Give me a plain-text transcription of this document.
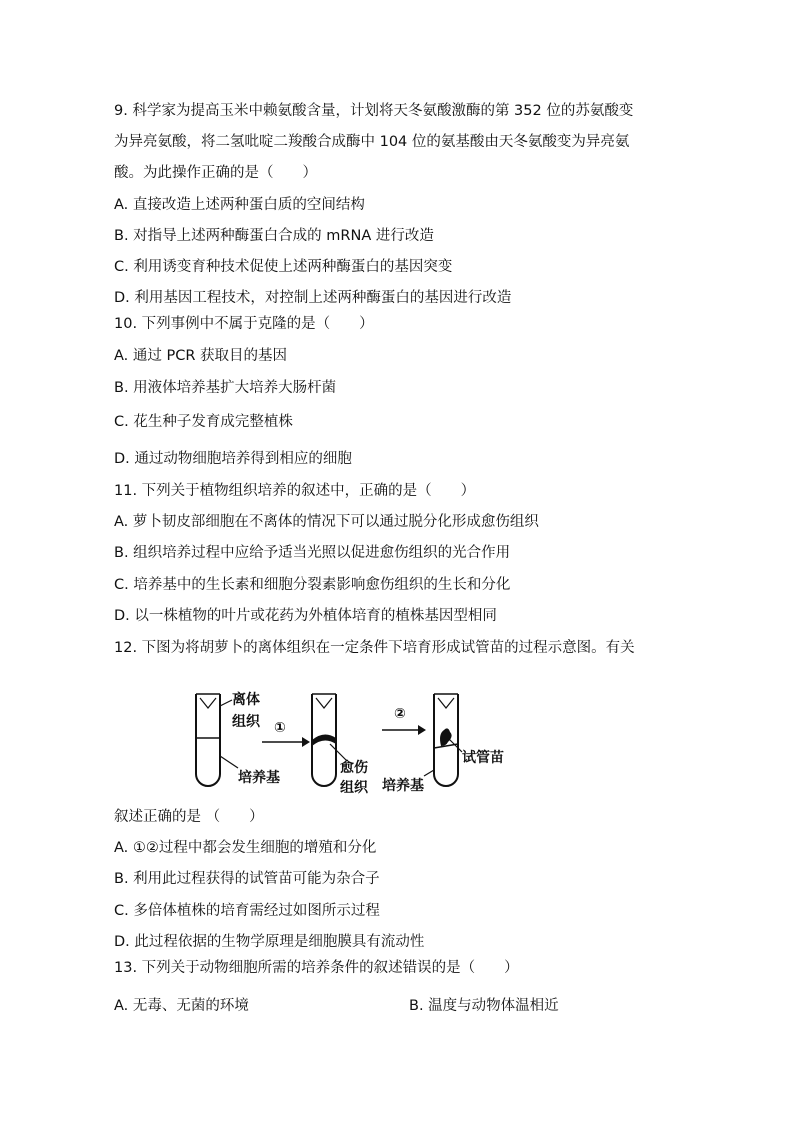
9. 科学家为提高玉米中赖氨酸含量，计划将天冬氨酸激酶的第 352 位的苏氨酸变
为异亮氨酸，将二氢吡啶二羧酸合成酶中 104 位的氨基酸由天冬氨酸变为异亮氨
酸。为此操作正确的是（　　）
A. 直接改造上述两种蛋白质的空间结构
B. 对指导上述两种酶蛋白合成的 mRNA 进行改造
C. 利用诱变育种技术促使上述两种酶蛋白的基因突变
D. 利用基因工程技术，对控制上述两种酶蛋白的基因进行改造
10. 下列事例中不属于克隆的是（　　）
A. 通过 PCR 获取目的基因
B. 用液体培养基扩大培养大肠杆菌
C. 花生种子发育成完整植株
D. 通过动物细胞培养得到相应的细胞
11. 下列关于植物组织培养的叙述中，正确的是（　　）
A. 萝卜韧皮部细胞在不离体的情况下可以通过脱分化形成愈伤组织
B. 组织培养过程中应给予适当光照以促进愈伤组织的光合作用
C. 培养基中的生长素和细胞分裂素影响愈伤组织的生长和分化
D. 以一株植物的叶片或花药为外植体培育的植株基因型相同
12. 下图为将胡萝卜的离体组织在一定条件下培育形成试管苗的过程示意图。有关
离体
组织
培养基
①
愈伤
组织
②
试管苗
培养基
叙述正确的是 （　　）
A. ①②过程中都会发生细胞的增殖和分化
B. 利用此过程获得的试管苗可能为杂合子
C. 多倍体植株的培育需经过如图所示过程
D. 此过程依据的生物学原理是细胞膜具有流动性
13. 下列关于动物细胞所需的培养条件的叙述错误的是（　　）
A. 无毒、无菌的环境	B. 温度与动物体温相近
